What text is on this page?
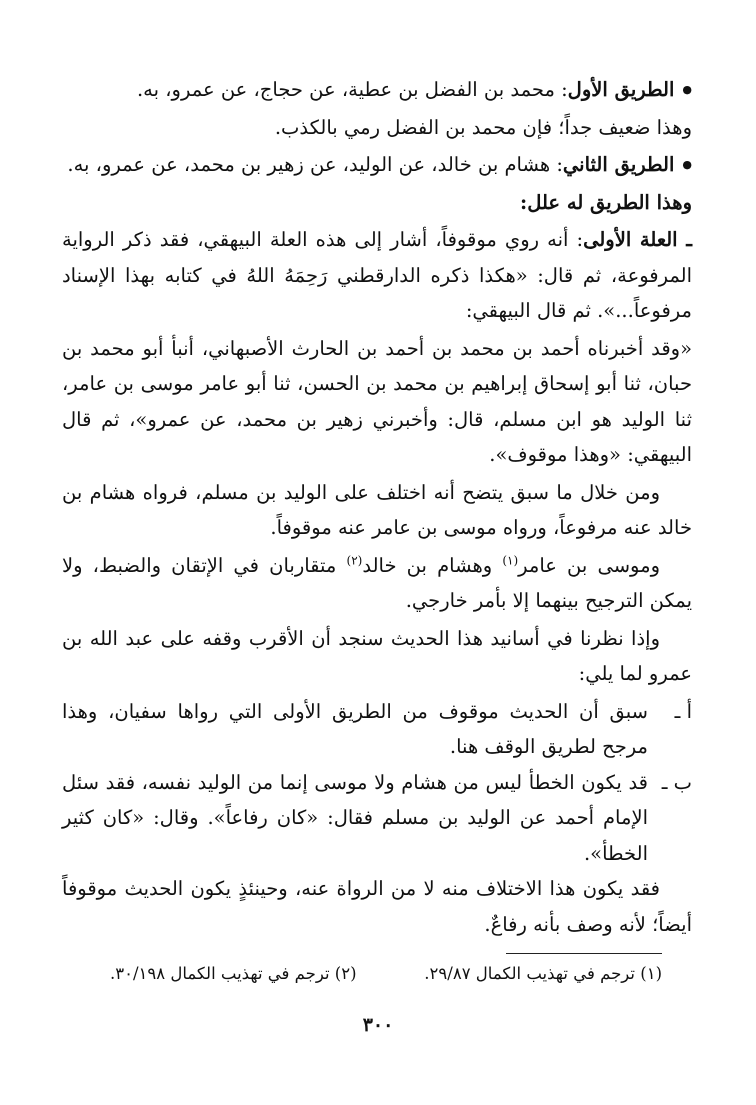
● الطريق الأول: محمد بن الفضل بن عطية، عن حجاج، عن عمرو، به.

وهذا ضعيف جداً؛ فإن محمد بن الفضل رمي بالكذب.

● الطريق الثاني: هشام بن خالد، عن الوليد، عن زهير بن محمد، عن عمرو، به.

وهذا الطريق له علل:

ـ العلة الأولى: أنه روي موقوفاً، أشار إلى هذه العلة البيهقي، فقد ذكر الرواية المرفوعة، ثم قال: «هكذا ذكره الدارقطني رَحِمَهُ اللهُ في كتابه بهذا الإسناد مرفوعاً...». ثم قال البيهقي:

«وقد أخبرناه أحمد بن محمد بن أحمد بن الحارث الأصبهاني، أنبأ أبو محمد بن حبان، ثنا أبو إسحاق إبراهيم بن محمد بن الحسن، ثنا أبو عامر موسى بن عامر، ثنا الوليد هو ابن مسلم، قال: وأخبرني زهير بن محمد، عن عمرو»، ثم قال البيهقي: «وهذا موقوف».

ومن خلال ما سبق يتضح أنه اختلف على الوليد بن مسلم، فرواه هشام بن خالد عنه مرفوعاً، ورواه موسى بن عامر عنه موقوفاً.

وموسى بن عامر$^{(١)}$ وهشام بن خالد$^{(٢)}$ متقاربان في الإتقان والضبط، ولا يمكن الترجيح بينهما إلا بأمر خارجي.

وإذا نظرنا في أسانيد هذا الحديث سنجد أن الأقرب وقفه على عبد الله بن عمرو لما يلي:

أ ـ
سبق أن الحديث موقوف من الطريق الأولى التي رواها سفيان، وهذا مرجح لطريق الوقف هنا.
ب ـ
قد يكون الخطأ ليس من هشام ولا موسى إنما من الوليد نفسه، فقد سئل الإمام أحمد عن الوليد بن مسلم فقال: «كان رفاعاً». وقال: «كان كثير الخطأ».

فقد يكون هذا الاختلاف منه لا من الرواة عنه، وحينئذٍ يكون الحديث موقوفاً أيضاً؛ لأنه وصف بأنه رفاعٌ.

(١) ترجم في تهذيب الكمال ٢٩/٨٧.
(٢) ترجم في تهذيب الكمال ٣٠/١٩٨.
٣٠٠
